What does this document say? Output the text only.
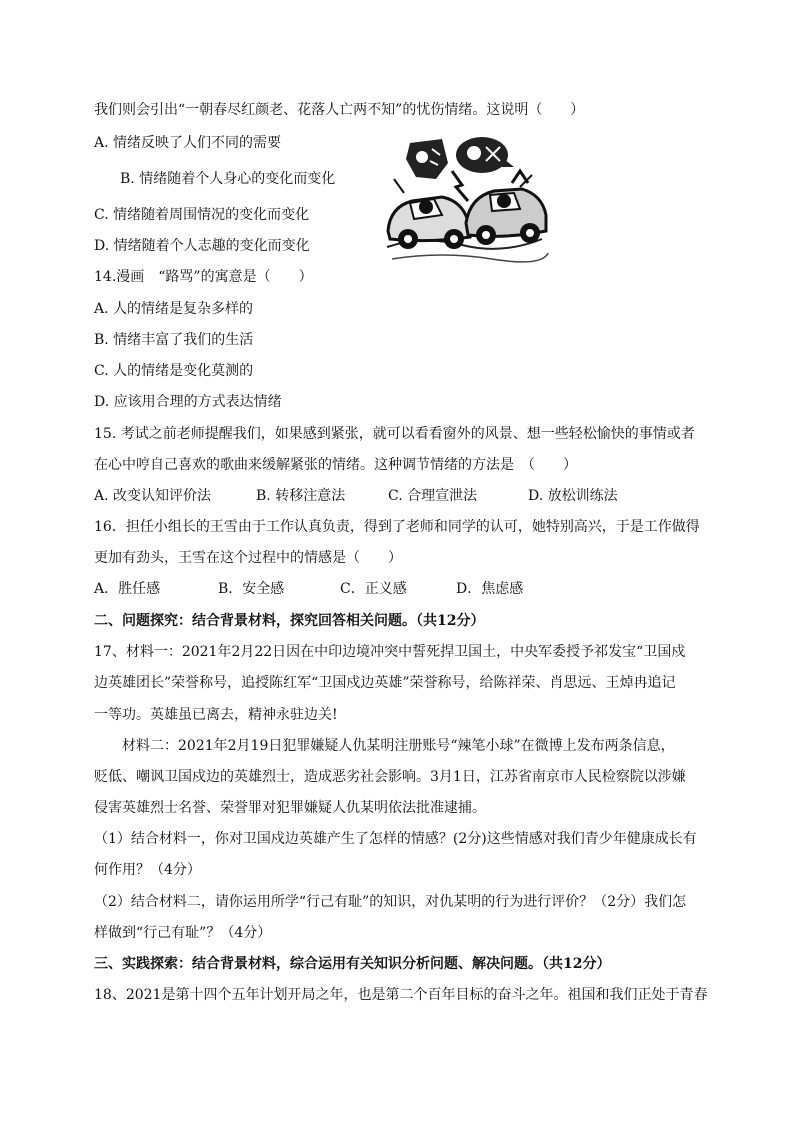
我们则会引出“一朝春尽红颜老、花落人亡两不知”的忧伤情绪。这说明（　　）
A. 情绪反映了人们不同的需要
B. 情绪随着个人身心的变化而变化
C. 情绪随着周围情况的变化而变化
D. 情绪随着个人志趣的变化而变化
14.漫画　“路骂”的寓意是（　　）
A. 人的情绪是复杂多样的
B. 情绪丰富了我们的生活
C. 人的情绪是变化莫测的
D. 应该用合理的方式表达情绪
15. 考试之前老师提醒我们，如果感到紧张，就可以看看窗外的风景、想一些轻松愉快的事情或者
在心中哼自己喜欢的歌曲来缓解紧张的情绪。这种调节情绪的方法是　（　　）
A. 改变认知评价法	B. 转移注意法	C. 合理宣泄法	D. 放松训练法
16．担任小组长的王雪由于工作认真负责，得到了老师和同学的认可，她特别高兴，于是工作做得
更加有劲头，王雪在这个过程中的情感是（　　）
A．胜任感	B．安全感	C．正义感	D．焦虑感
二、问题探究：结合背景材料，探究回答相关问题。（共12分）
17、材料一：2021年2月22日因在中印边境冲突中誓死捍卫国土，中央军委授予祁发宝“卫国戍
边英雄团长”荣誉称号，追授陈红军“卫国戍边英雄”荣誉称号，给陈祥荣、肖思远、王焯冉追记
一等功。英雄虽已离去，精神永驻边关!
材料二：2021年2月19日犯罪嫌疑人仇某明注册账号“辣笔小球”在微博上发布两条信息，
贬低、嘲讽卫国戍边的英雄烈士，造成恶劣社会影响。3月1日，江苏省南京市人民检察院以涉嫌
侵害英雄烈士名誉、荣誉罪对犯罪嫌疑人仇某明依法批准逮捕。
（1）结合材料一，你对卫国戍边英雄产生了怎样的情感？(2分)这些情感对我们青少年健康成长有
何作用？（4分）
（2）结合材料二，请你运用所学“行己有耻”的知识，对仇某明的行为进行评价？（2分）我们怎
样做到“行己有耻”？（4分）
三、实践探索：结合背景材料，综合运用有关知识分析问题、解决问题。（共12分）
18、2021是第十四个五年计划开局之年，也是第二个百年目标的奋斗之年。祖国和我们正处于青春
